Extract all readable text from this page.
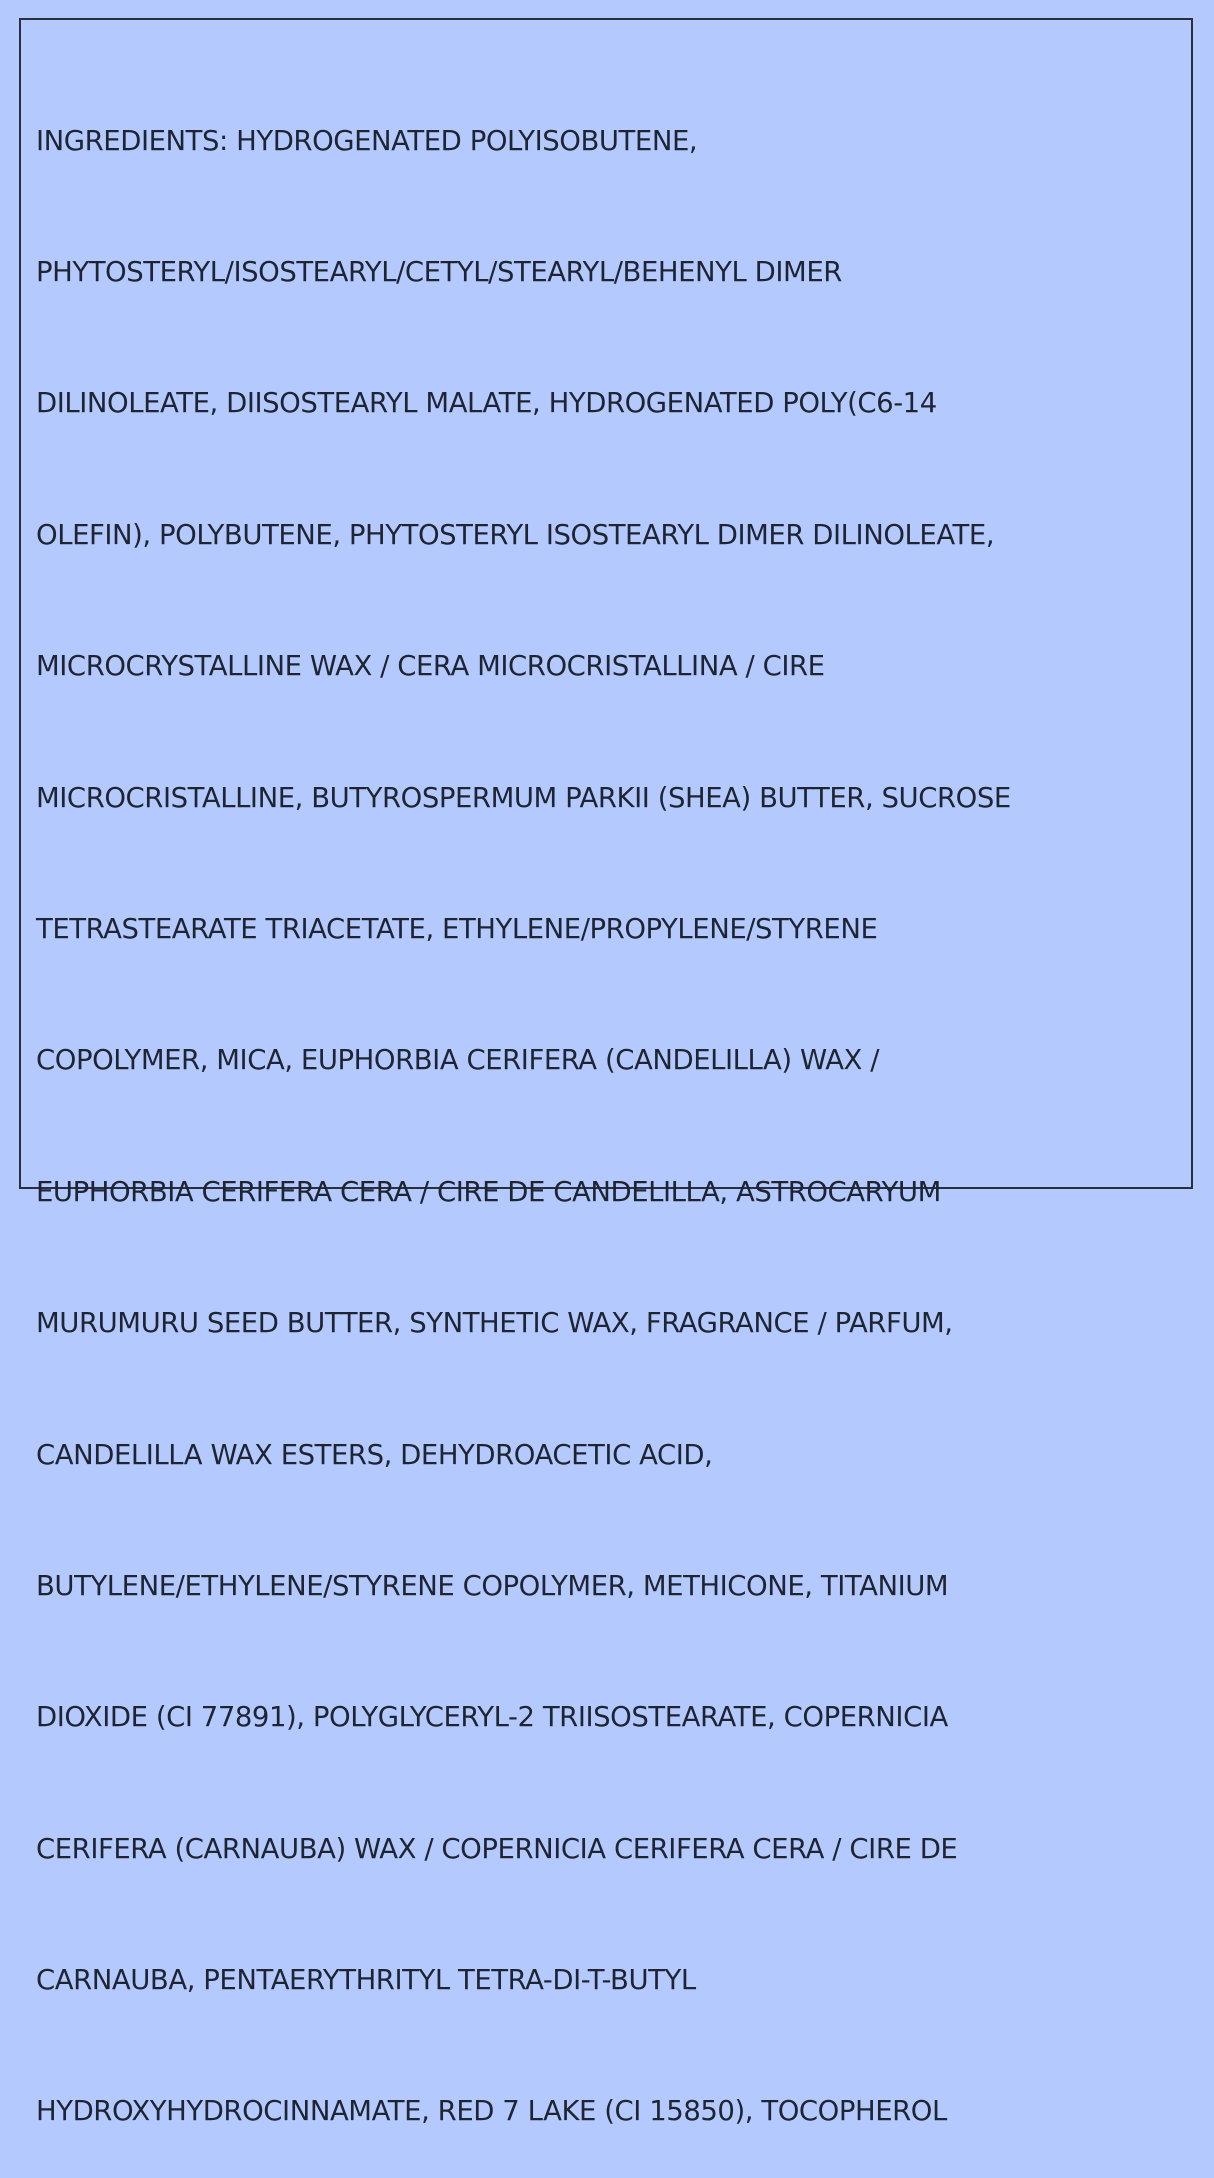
INGREDIENTS: HYDROGENATED POLYISOBUTENE,

PHYTOSTERYL/ISOSTEARYL/CETYL/STEARYL/BEHENYL DIMER

DILINOLEATE, DIISOSTEARYL MALATE, HYDROGENATED POLY(C6-14

OLEFIN), POLYBUTENE, PHYTOSTERYL ISOSTEARYL DIMER DILINOLEATE,

MICROCRYSTALLINE WAX / CERA MICROCRISTALLINA / CIRE

MICROCRISTALLINE, BUTYROSPERMUM PARKII (SHEA) BUTTER, SUCROSE

TETRASTEARATE TRIACETATE, ETHYLENE/PROPYLENE/STYRENE

COPOLYMER, MICA, EUPHORBIA CERIFERA (CANDELILLA) WAX /

EUPHORBIA CERIFERA CERA / CIRE DE CANDELILLA, ASTROCARYUM

MURUMURU SEED BUTTER, SYNTHETIC WAX, FRAGRANCE / PARFUM,

CANDELILLA WAX ESTERS, DEHYDROACETIC ACID,

BUTYLENE/ETHYLENE/STYRENE COPOLYMER, METHICONE, TITANIUM

DIOXIDE (CI 77891), POLYGLYCERYL-2 TRIISOSTEARATE, COPERNICIA

CERIFERA (CARNAUBA) WAX / COPERNICIA CERIFERA CERA / CIRE DE

CARNAUBA, PENTAERYTHRITYL TETRA-DI-T-BUTYL

HYDROXYHYDROCINNAMATE, RED 7 LAKE (CI 15850), TOCOPHEROL
